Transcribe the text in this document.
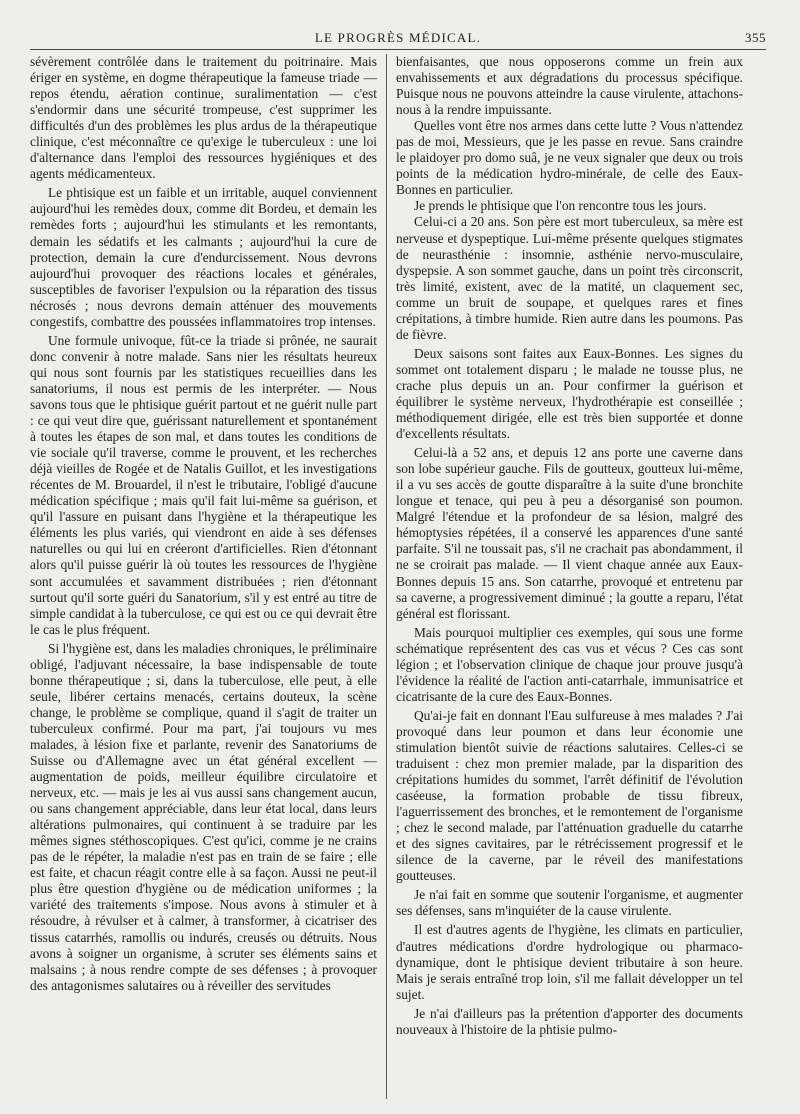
LE PROGRÈS MÉDICAL.	355

sévèrement contrôlée dans le traitement du poitrinaire. Mais ériger en système, en dogme thérapeutique la fameuse triade — repos étendu, aération continue, suralimentation — c'est s'endormir dans une sécurité trompeuse, c'est supprimer les difficultés d'un des problèmes les plus ardus de la thérapeutique clinique, c'est méconnaître ce qu'exige le tuberculeux : une loi d'alternance dans l'emploi des ressources hygiéniques et des agents médicamenteux.

Le phtisique est un faible et un irritable, auquel conviennent aujourd'hui les remèdes doux, comme dit Bordeu, et demain les remèdes forts ; aujourd'hui les stimulants et les remontants, demain les sédatifs et les calmants ; aujourd'hui la cure de protection, demain la cure d'endurcissement. Nous devrons aujourd'hui provoquer des réactions locales et générales, susceptibles de favoriser l'expulsion ou la réparation des tissus nécrosés ; nous devrons demain atténuer des mouvements congestifs, combattre des poussées inflammatoires trop intenses.

Une formule univoque, fût-ce la triade si prônée, ne saurait donc convenir à notre malade. Sans nier les résultats heureux qui nous sont fournis par les statistiques recueillies dans les sanatoriums, il nous est permis de les interpréter. — Nous savons tous que le phtisique guérit partout et ne guérit nulle part : ce qui veut dire que, guérissant naturellement et spontanément à toutes les étapes de son mal, et dans toutes les conditions de vie sociale qu'il traverse, comme le prouvent, et les recherches déjà vieilles de Rogée et de Natalis Guillot, et les investigations récentes de M. Brouardel, il n'est le tributaire, l'obligé d'aucune médication spécifique ; mais qu'il fait lui-même sa guérison, et qu'il l'assure en puisant dans l'hygiène et la thérapeutique les éléments les plus variés, qui viendront en aide à ses défenses naturelles ou qui lui en créeront d'artificielles. Rien d'étonnant alors qu'il puisse guérir là où toutes les ressources de l'hygiène sont accumulées et savamment distribuées ; rien d'étonnant surtout qu'il sorte guéri du Sanatorium, s'il y est entré au titre de simple candidat à la tuberculose, ce qui est ou ce qui devrait être le cas le plus fréquent.

Si l'hygiène est, dans les maladies chroniques, le préliminaire obligé, l'adjuvant nécessaire, la base indispensable de toute bonne thérapeutique ; si, dans la tuberculose, elle peut, à elle seule, libérer certains menacés, certains douteux, la scène change, le problème se complique, quand il s'agit de traiter un tuberculeux confirmé. Pour ma part, j'ai toujours vu mes malades, à lésion fixe et parlante, revenir des Sanatoriums de Suisse ou d'Allemagne avec un état général excellent — augmentation de poids, meilleur équilibre circulatoire et nerveux, etc. — mais je les ai vus aussi sans changement aucun, ou sans changement appréciable, dans leur état local, dans leurs altérations pulmonaires, qui continuent à se traduire par les mêmes signes stéthoscopiques. C'est qu'ici, comme je ne crains pas de le répéter, la maladie n'est pas en train de se faire ; elle est faite, et chacun réagit contre elle à sa façon. Aussi ne peut-il plus être question d'hygiène ou de médication uniformes ; la variété des traitements s'impose. Nous avons à stimuler et à résoudre, à révulser et à calmer, à transformer, à cicatriser des tissus catarrhés, ramollis ou indurés, creusés ou détruits. Nous avons à soigner un organisme, à scruter ses éléments sains et malsains ; à nous rendre compte de ses défenses ; à provoquer des antagonismes salutaires ou à réveiller des servitudes

bienfaisantes, que nous opposerons comme un frein aux envahissements et aux dégradations du processus spécifique. Puisque nous ne pouvons atteindre la cause virulente, attachons-nous à la rendre impuissante.

Quelles vont être nos armes dans cette lutte ? Vous n'attendez pas de moi, Messieurs, que je les passe en revue. Sans craindre le plaidoyer pro domo suâ, je ne veux signaler que deux ou trois points de la médication hydro-minérale, de celle des Eaux-Bonnes en particulier.

Je prends le phtisique que l'on rencontre tous les jours.

Celui-ci a 20 ans. Son père est mort tuberculeux, sa mère est nerveuse et dyspeptique. Lui-même présente quelques stigmates de neurasthénie : insomnie, asthénie nervo-musculaire, dyspepsie. A son sommet gauche, dans un point très circonscrit, très limité, existent, avec de la matité, un claquement sec, comme un bruit de soupape, et quelques rares et fines crépitations, à timbre humide. Rien autre dans les poumons. Pas de fièvre.

Deux saisons sont faites aux Eaux-Bonnes. Les signes du sommet ont totalement disparu ; le malade ne tousse plus, ne crache plus depuis un an. Pour confirmer la guérison et équilibrer le système nerveux, l'hydrothérapie est conseillée ; méthodiquement dirigée, elle est très bien supportée et donne d'excellents résultats.

Celui-là a 52 ans, et depuis 12 ans porte une caverne dans son lobe supérieur gauche. Fils de goutteux, goutteux lui-même, il a vu ses accès de goutte disparaître à la suite d'une bronchite longue et tenace, qui peu à peu a désorganisé son poumon. Malgré l'étendue et la profondeur de sa lésion, malgré des hémoptysies répétées, il a conservé les apparences d'une santé parfaite. S'il ne toussait pas, s'il ne crachait pas abondamment, il ne se croirait pas malade. — Il vient chaque année aux Eaux-Bonnes depuis 15 ans. Son catarrhe, provoqué et entretenu par sa caverne, a progressivement diminué ; la goutte a reparu, l'état général est florissant.

Mais pourquoi multiplier ces exemples, qui sous une forme schématique représentent des cas vus et vécus ? Ces cas sont légion ; et l'observation clinique de chaque jour prouve jusqu'à l'évidence la réalité de l'action anti-catarrhale, immunisatrice et cicatrisante de la cure des Eaux-Bonnes.

Qu'ai-je fait en donnant l'Eau sulfureuse à mes malades ? J'ai provoqué dans leur poumon et dans leur économie une stimulation bientôt suivie de réactions salutaires. Celles-ci se traduisent : chez mon premier malade, par la disparition des crépitations humides du sommet, l'arrêt définitif de l'évolution caséeuse, la formation probable de tissu fibreux, l'aguerrissement des bronches, et le remontement de l'organisme ; chez le second malade, par l'atténuation graduelle du catarrhe et des signes cavitaires, par le rétrécissement progressif et le silence de la caverne, par le réveil des manifestations goutteuses.

Je n'ai fait en somme que soutenir l'organisme, et augmenter ses défenses, sans m'inquiéter de la cause virulente.

Il est d'autres agents de l'hygiène, les climats en particulier, d'autres médications d'ordre hydrologique ou pharmaco-dynamique, dont le phtisique devient tributaire à son heure. Mais je serais entraîné trop loin, s'il me fallait développer un tel sujet.

Je n'ai d'ailleurs pas la prétention d'apporter des documents nouveaux à l'histoire de la phtisie pulmo-
